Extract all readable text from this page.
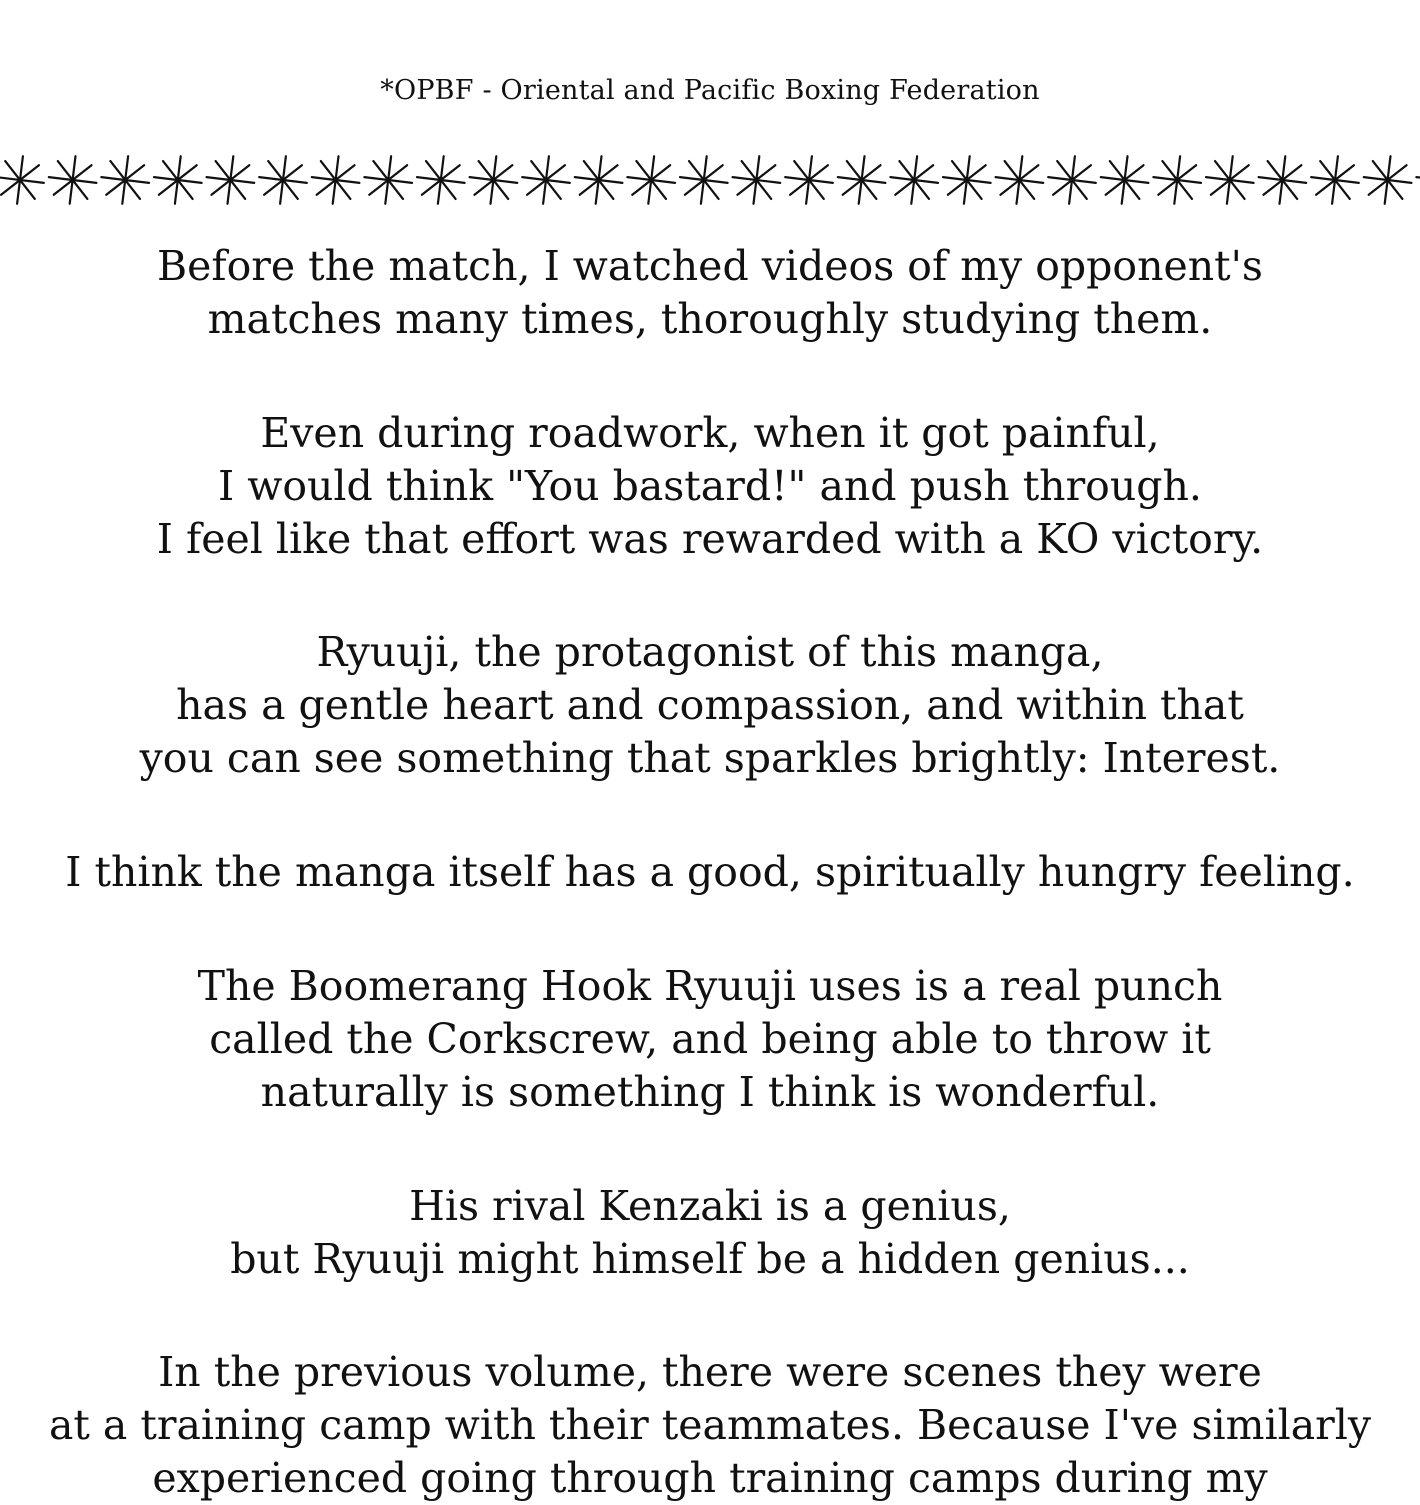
*OPBF - Oriental and Pacific Boxing Federation
Before the match, I watched videos of my opponent's
matches many times, thoroughly studying them.
Even during roadwork, when it got painful,
I would think "You bastard!" and push through.
I feel like that effort was rewarded with a KO victory.
Ryuuji, the protagonist of this manga,
has a gentle heart and compassion, and within that
you can see something that sparkles brightly: Interest.
I think the manga itself has a good, spiritually hungry feeling.
The Boomerang Hook Ryuuji uses is a real punch
called the Corkscrew, and being able to throw it
naturally is something I think is wonderful.
His rival Kenzaki is a genius,
but Ryuuji might himself be a hidden genius...
In the previous volume, there were scenes they were
at a training camp with their teammates. Because I've similarly
experienced going through training camps during my
